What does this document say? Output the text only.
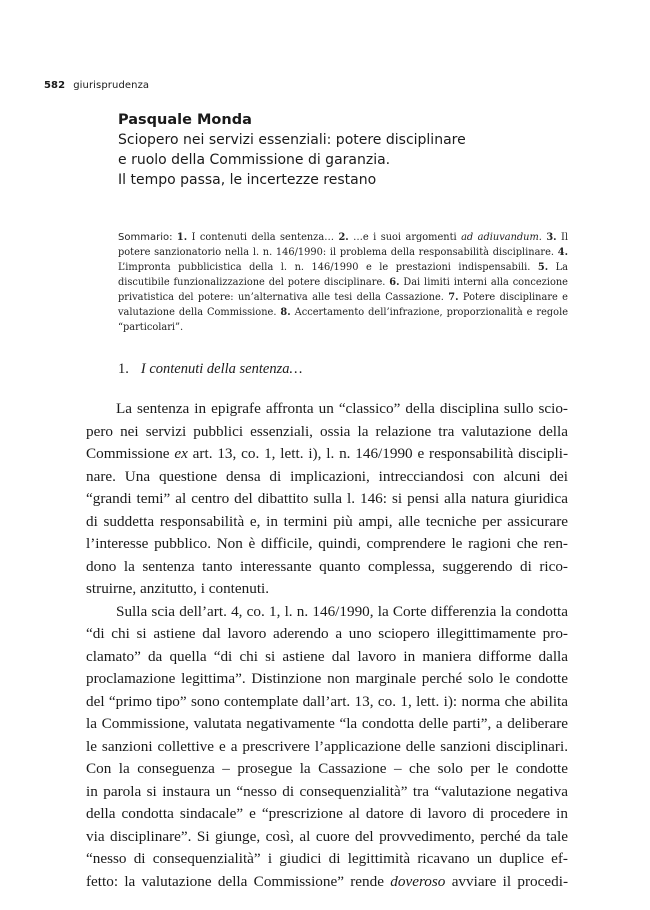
582 giurisprudenza
Pasquale Monda
Sciopero nei servizi essenziali: potere disciplinare
e ruolo della Commissione di garanzia.
Il tempo passa, le incertezze restano
Sommario: 1. I contenuti della sentenza… 2. …e i suoi argomenti ad adiuvandum. 3. Il potere sanzionatorio nella l. n. 146/1990: il problema della responsabilità disciplinare. 4. L’impronta pubblicistica della l. n. 146/1990 e le prestazioni indispensabili. 5. La discutibile funzionalizzazione del potere disciplinare. 6. Dai limiti interni alla concezione privatistica del potere: un’alternativa alle tesi della Cassazione. 7. Potere disciplinare e valutazione della Commissione. 8. Accertamento dell’infrazione, proporzionalità e regole “particolari”.
1. I contenuti della sentenza…
La sentenza in epigrafe affronta un “classico” della disciplina sullo scio-
pero nei servizi pubblici essenziali, ossia la relazione tra valutazione della
Commissione ex art. 13, co. 1, lett. i), l. n. 146/1990 e responsabilità discipli-
nare. Una questione densa di implicazioni, intrecciandosi con alcuni dei
“grandi temi” al centro del dibattito sulla l. 146: si pensi alla natura giuridica
di suddetta responsabilità e, in termini più ampi, alle tecniche per assicurare
l’interesse pubblico. Non è difficile, quindi, comprendere le ragioni che ren-
dono la sentenza tanto interessante quanto complessa, suggerendo di rico-
struirne, anzitutto, i contenuti.
Sulla scia dell’art. 4, co. 1, l. n. 146/1990, la Corte differenzia la condotta
“di chi si astiene dal lavoro aderendo a uno sciopero illegittimamente pro-
clamato” da quella “di chi si astiene dal lavoro in maniera difforme dalla
proclamazione legittima”. Distinzione non marginale perché solo le condotte
del “primo tipo” sono contemplate dall’art. 13, co. 1, lett. i): norma che abilita
la Commissione, valutata negativamente “la condotta delle parti”, a deliberare
le sanzioni collettive e a prescrivere l’applicazione delle sanzioni disciplinari.
Con la conseguenza – prosegue la Cassazione – che solo per le condotte
in parola si instaura un “nesso di consequenzialità” tra “valutazione negativa
della condotta sindacale” e “prescrizione al datore di lavoro di procedere in
via disciplinare”. Si giunge, così, al cuore del provvedimento, perché da tale
“nesso di consequenzialità” i giudici di legittimità ricavano un duplice ef-
fetto: la valutazione della Commissione” rende doveroso avviare il procedi-
